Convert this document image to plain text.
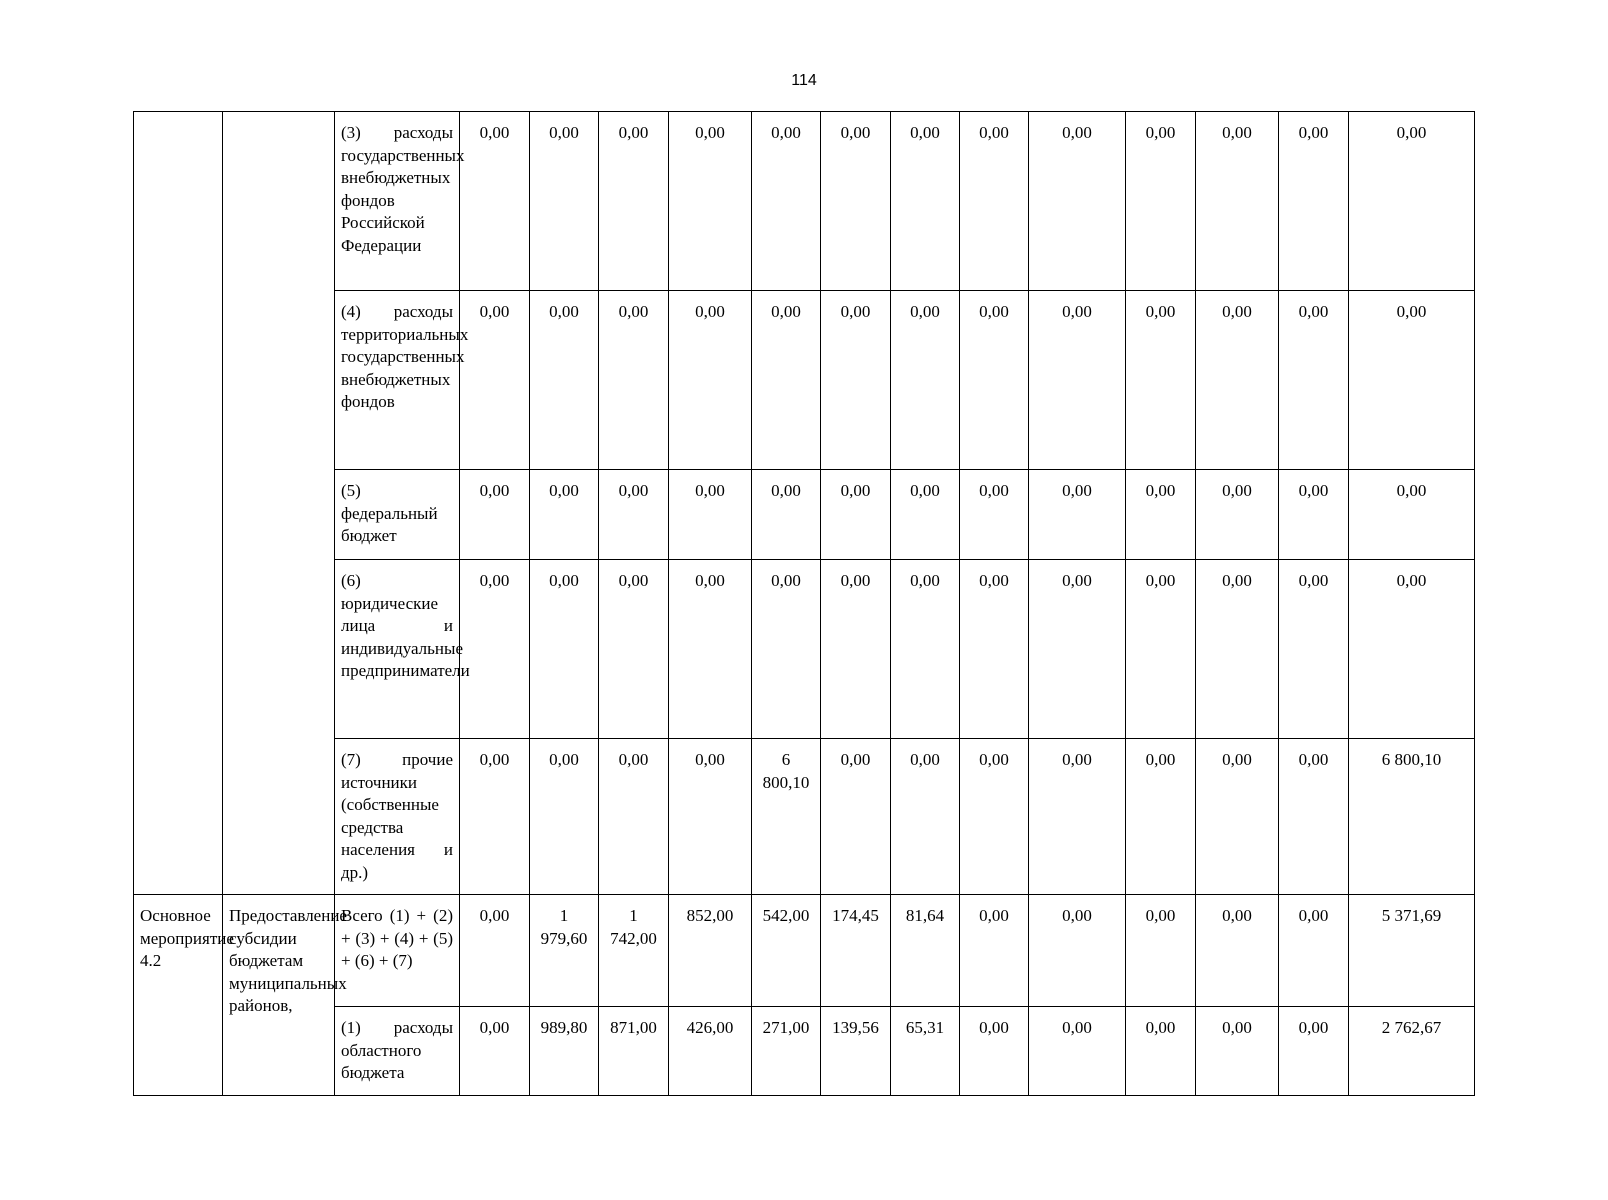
114
		(3) расходы государственных внебюджетных фондов Российской Федерации	0,00	0,00	0,00	0,00	0,00	0,00	0,00	0,00	0,00	0,00	0,00	0,00	0,00
		(4) расходы территориальных государственных внебюджетных фондов	0,00	0,00	0,00	0,00	0,00	0,00	0,00	0,00	0,00	0,00	0,00	0,00	0,00
		(5) федеральный бюджет	0,00	0,00	0,00	0,00	0,00	0,00	0,00	0,00	0,00	0,00	0,00	0,00	0,00
		(6) юридические лица и индивидуальные предприниматели	0,00	0,00	0,00	0,00	0,00	0,00	0,00	0,00	0,00	0,00	0,00	0,00	0,00
		(7) прочие источники (собственные средства населения и др.)	0,00	0,00	0,00	0,00	6 800,10	0,00	0,00	0,00	0,00	0,00	0,00	0,00	6 800,10
Основное мероприятие 4.2	Предоставление субсидии бюджетам муниципальных районов,	Всего (1) + (2) + (3) + (4) + (5) + (6) + (7)	0,00	1 979,60	1 742,00	852,00	542,00	174,45	81,64	0,00	0,00	0,00	0,00	0,00	5 371,69
		(1) расходы областного бюджета	0,00	989,80	871,00	426,00	271,00	139,56	65,31	0,00	0,00	0,00	0,00	0,00	2 762,67
